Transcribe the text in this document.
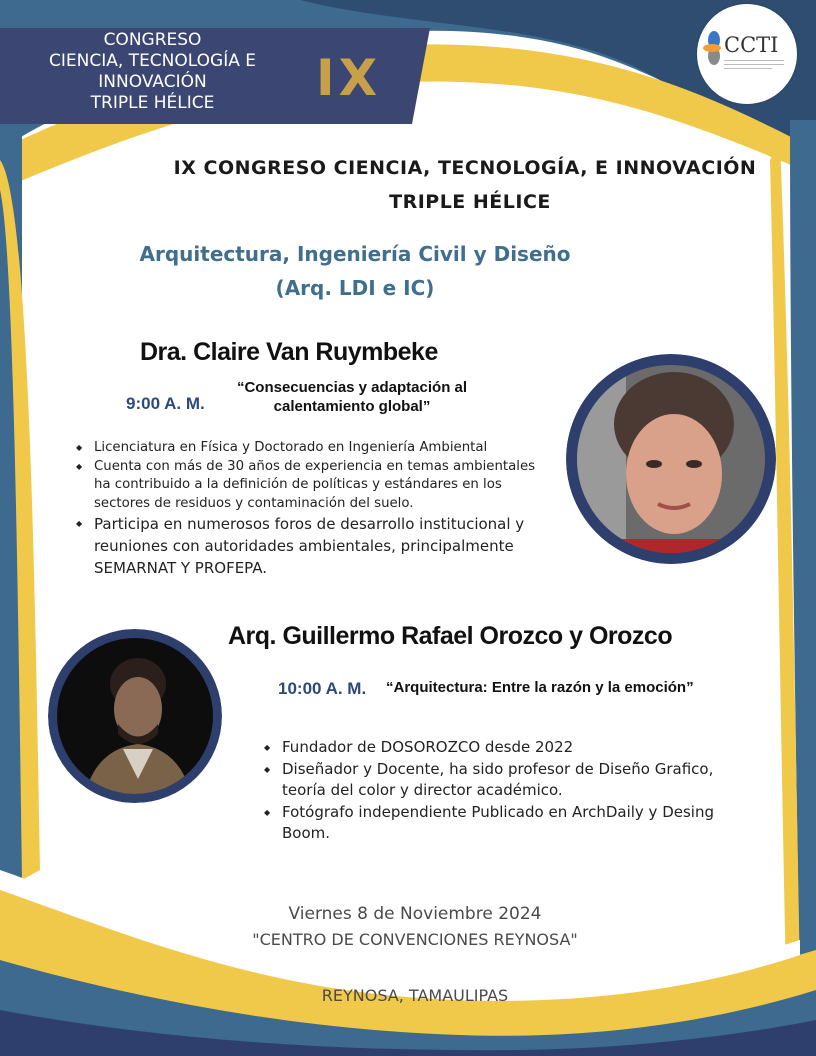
CONGRESO
CIENCIA, TECNOLOGÍA E
INNOVACIÓN
TRIPLE HÉLICE	IX
CCTI
IX CONGRESO CIENCIA, TECNOLOGÍA, E INNOVACIÓN
TRIPLE HÉLICE
Arquitectura, Ingeniería Civil y Diseño
(Arq. LDI e IC)
Dra. Claire Van Ruymbeke
9:00 A. M.
“Consecuencias y adaptación al
calentamiento global”
◆ Licenciatura en Física y Doctorado en Ingeniería Ambiental
◆ Cuenta con más de 30 años de experiencia en temas ambientales ha contribuido a la definición de políticas y estándares en los sectores de residuos y contaminación del suelo.
◆ Participa en numerosos foros de desarrollo institucional y reuniones con autoridades ambientales, principalmente SEMARNAT Y PROFEPA.
Arq. Guillermo Rafael Orozco y Orozco
10:00 A. M. “Arquitectura: Entre la razón y la emoción”
◆ Fundador de DOSOROZCO desde 2022
◆ Diseñador y Docente, ha sido profesor de Diseño Grafico, teoría del color y director académico.
◆ Fotógrafo independiente Publicado en ArchDaily y Desing Boom.
Viernes 8 de Noviembre 2024
"CENTRO DE CONVENCIONES REYNOSA"
REYNOSA, TAMAULIPAS
